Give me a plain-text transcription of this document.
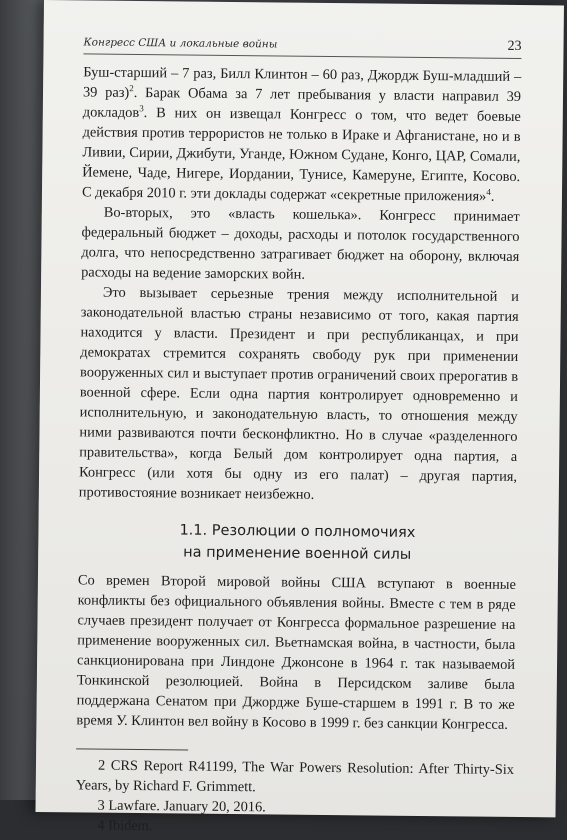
Конгресс США и локальные войны	23

Буш-старший – 7 раз, Билл Клинтон – 60 раз, Джордж Буш-младший – 39 раз)$^2$. Барак Обама за 7 лет пребывания у власти направил 39 докладов$^3$. В них он извещал Конгресс о том, что ведет боевые действия против террористов не только в Ираке и Афганистане, но и в Ливии, Сирии, Джибути, Уганде, Южном Судане, Конго, ЦАР, Сомали, Йемене, Чаде, Нигере, Иордании, Тунисе, Камеруне, Египте, Косово. С декабря 2010 г. эти доклады содержат «секретные приложения»$^4$.

Во-вторых, это «власть кошелька». Конгресс принимает федеральный бюджет – доходы, расходы и потолок государственного долга, что непосредственно затрагивает бюджет на оборону, включая расходы на ведение заморских войн.

Это вызывает серьезные трения между исполнительной и законодательной властью страны независимо от того, какая партия находится у власти. Президент и при республиканцах, и при демократах стремится сохранять свободу рук при применении вооруженных сил и выступает против ограничений своих прерогатив в военной сфере. Если одна партия контролирует одновременно и исполнительную, и законодательную власть, то отношения между ними развиваются почти бесконфликтно. Но в случае «разделенного правительства», когда Белый дом контролирует одна партия, а Конгресс (или хотя бы одну из его палат) – другая партия, противостояние возникает неизбежно.

1.1. Резолюции о полномочиях
на применение военной силы

Со времен Второй мировой войны США вступают в военные конфликты без официального объявления войны. Вместе с тем в ряде случаев президент получает от Конгресса формальное разрешение на применение вооруженных сил. Вьетнамская война, в частности, была санкционирована при Линдоне Джонсоне в 1964 г. так называемой Тонкинской резолюцией. Война в Персидском заливе была поддержана Сенатом при Джордже Буше-старшем в 1991 г. В то же время У. Клинтон вел войну в Косово в 1999 г. без санкции Конгресса.

2 CRS Report R41199, The War Powers Resolution: After Thirty-Six Years, by Richard F. Grimmett.

3 Lawfare. January 20, 2016.

4 Ibidem.
